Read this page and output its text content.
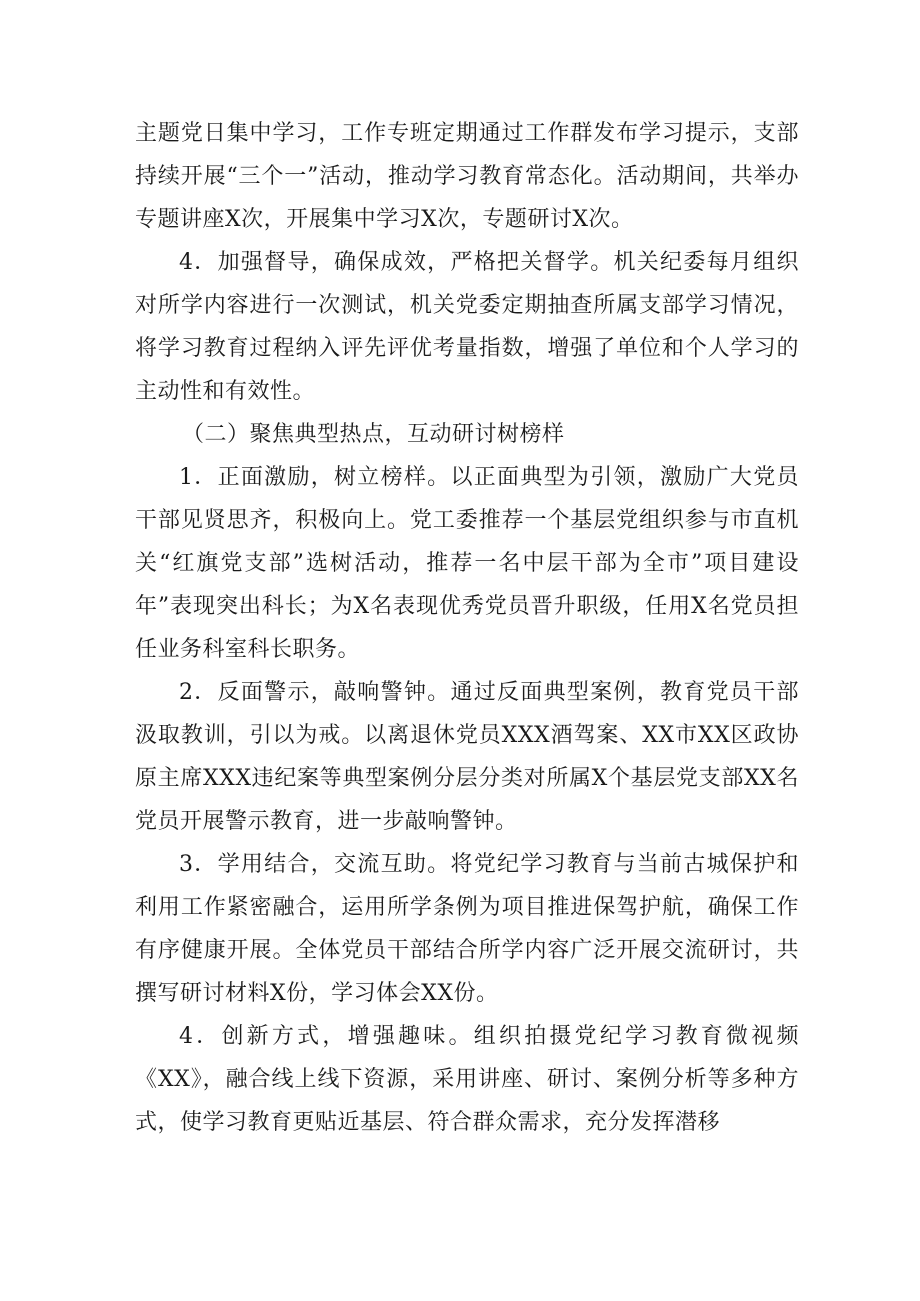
主题党日集中学习，工作专班定期通过工作群发布学习提示，支部持续开展“三个一”活动，推动学习教育常态化。活动期间，共举办专题讲座X次，开展集中学习X次，专题研讨X次。

4．加强督导，确保成效，严格把关督学。机关纪委每月组织对所学内容进行一次测试，机关党委定期抽查所属支部学习情况，将学习教育过程纳入评先评优考量指数，增强了单位和个人学习的主动性和有效性。

（二）聚焦典型热点，互动研讨树榜样

1．正面激励，树立榜样。以正面典型为引领，激励广大党员干部见贤思齐，积极向上。党工委推荐一个基层党组织参与市直机关“红旗党支部”选树活动，推荐一名中层干部为全市”项目建设年”表现突出科长；为X名表现优秀党员晋升职级，任用X名党员担任业务科室科长职务。

2．反面警示，敲响警钟。通过反面典型案例，教育党员干部汲取教训，引以为戒。以离退休党员XXX酒驾案、XX市XX区政协原主席XXX违纪案等典型案例分层分类对所属X个基层党支部XX名党员开展警示教育，进一步敲响警钟。

3．学用结合，交流互助。将党纪学习教育与当前古城保护和利用工作紧密融合，运用所学条例为项目推进保驾护航，确保工作有序健康开展。全体党员干部结合所学内容广泛开展交流研讨，共撰写研讨材料X份，学习体会XX份。

4．创新方式，增强趣味。组织拍摄党纪学习教育微视频《XX》，融合线上线下资源，采用讲座、研讨、案例分析等多种方式，使学习教育更贴近基层、符合群众需求，充分发挥潜移
